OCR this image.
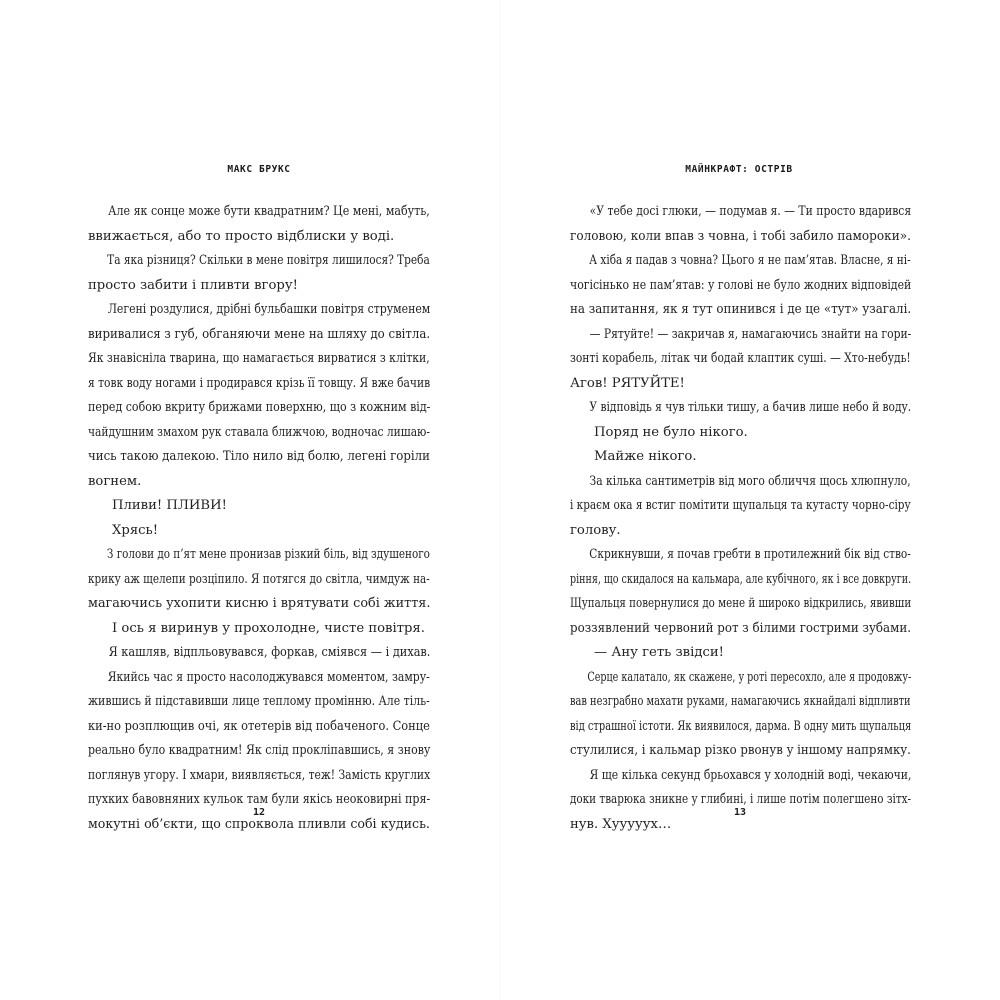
МАКС БРУКС
Але як сонце може бути квадратним? Це мені, мабуть,
ввижається, або то просто відблиски у воді.
Та яка різниця? Скільки в мене повітря лишилося? Треба
просто забити і пливти вгору!
Легені роздулися, дрібні бульбашки повітря струменем
виривалися з губ, обганяючи мене на шляху до світла.
Як знавісніла тварина, що намагається вирватися з клітки,
я товк воду ногами і продирався крізь її товщу. Я вже бачив
перед собою вкриту брижами поверхню, що з кожним від-
чайдушним змахом рук ставала ближчою, водночас лишаю-
чись такою далекою. Тіло нило від болю, легені горіли
вогнем.
Пливи! ПЛИВИ!
Хрясь!
З голови до п’ят мене пронизав різкий біль, від здушеного
крику аж щелепи розціпило. Я потягся до світла, чимдуж на-
магаючись ухопити кисню і врятувати собі життя.
І ось я виринув у прохолодне, чисте повітря.
Я кашляв, відпльовувався, форкав, сміявся — і дихав.
Якийсь час я просто насолоджувався моментом, замру-
жившись й підставивши лице теплому промінню. Але тіль-
ки-но розплющив очі, як отетерів від побаченого. Сонце
реально було квадратним! Як слід проклiпавшись, я знову
поглянув угору. І хмари, виявляється, теж! Замість круглих
пухких бавовняних кульок там були якісь неоковирні пря-
мокутні об’єкти, що спроквола пливли собі кудись.
12
МАЙНКРАФТ: ОСТРІВ
«У тебе досі глюки, — подумав я. — Ти просто вдарився
головою, коли впав з човна, і тобі забило памороки».
А хіба я падав з човна? Цього я не пам’ятав. Власне, я ні-
чогісінько не пам’ятав: у голові не було жодних відповідей
на запитання, як я тут опинився і де це «тут» узагалі.
— Рятуйте! — закричав я, намагаючись знайти на гори-
зонті корабель, літак чи бодай клаптик суші. — Хто-небудь!
Агов! РЯТУЙТЕ!
У відповідь я чув тільки тишу, а бачив лише небо й воду.
Поряд не було нікого.
Майже нікого.
За кілька сантиметрів від мого обличчя щось хлюпнуло,
і краєм ока я встиг помітити щупальця та кутасту чорно-сіру
голову.
Скрикнувши, я почав гребти в протилежний бік від ство-
ріння, що скидалося на кальмара, але кубічного, як і все довкруги.
Щупальця повернулися до мене й широко відкрились, явивши
роззявлений червоний рот з білими гострими зубами.
— Ану геть звідси!
Серце калатало, як скажене, у роті пересохло, але я продовжу-
вав незграбно махати руками, намагаючись якнайдалі відпливти
від страшної істоти. Як виявилося, дарма. В одну мить щупальця
стулилися, і кальмар різко рвонув у іншому напрямку.
Я ще кілька секунд брьохався у холодній воді, чекаючи,
доки тварюка зникне у глибині, і лише потім полегшено зітх-
нув. Хууууух…
13
